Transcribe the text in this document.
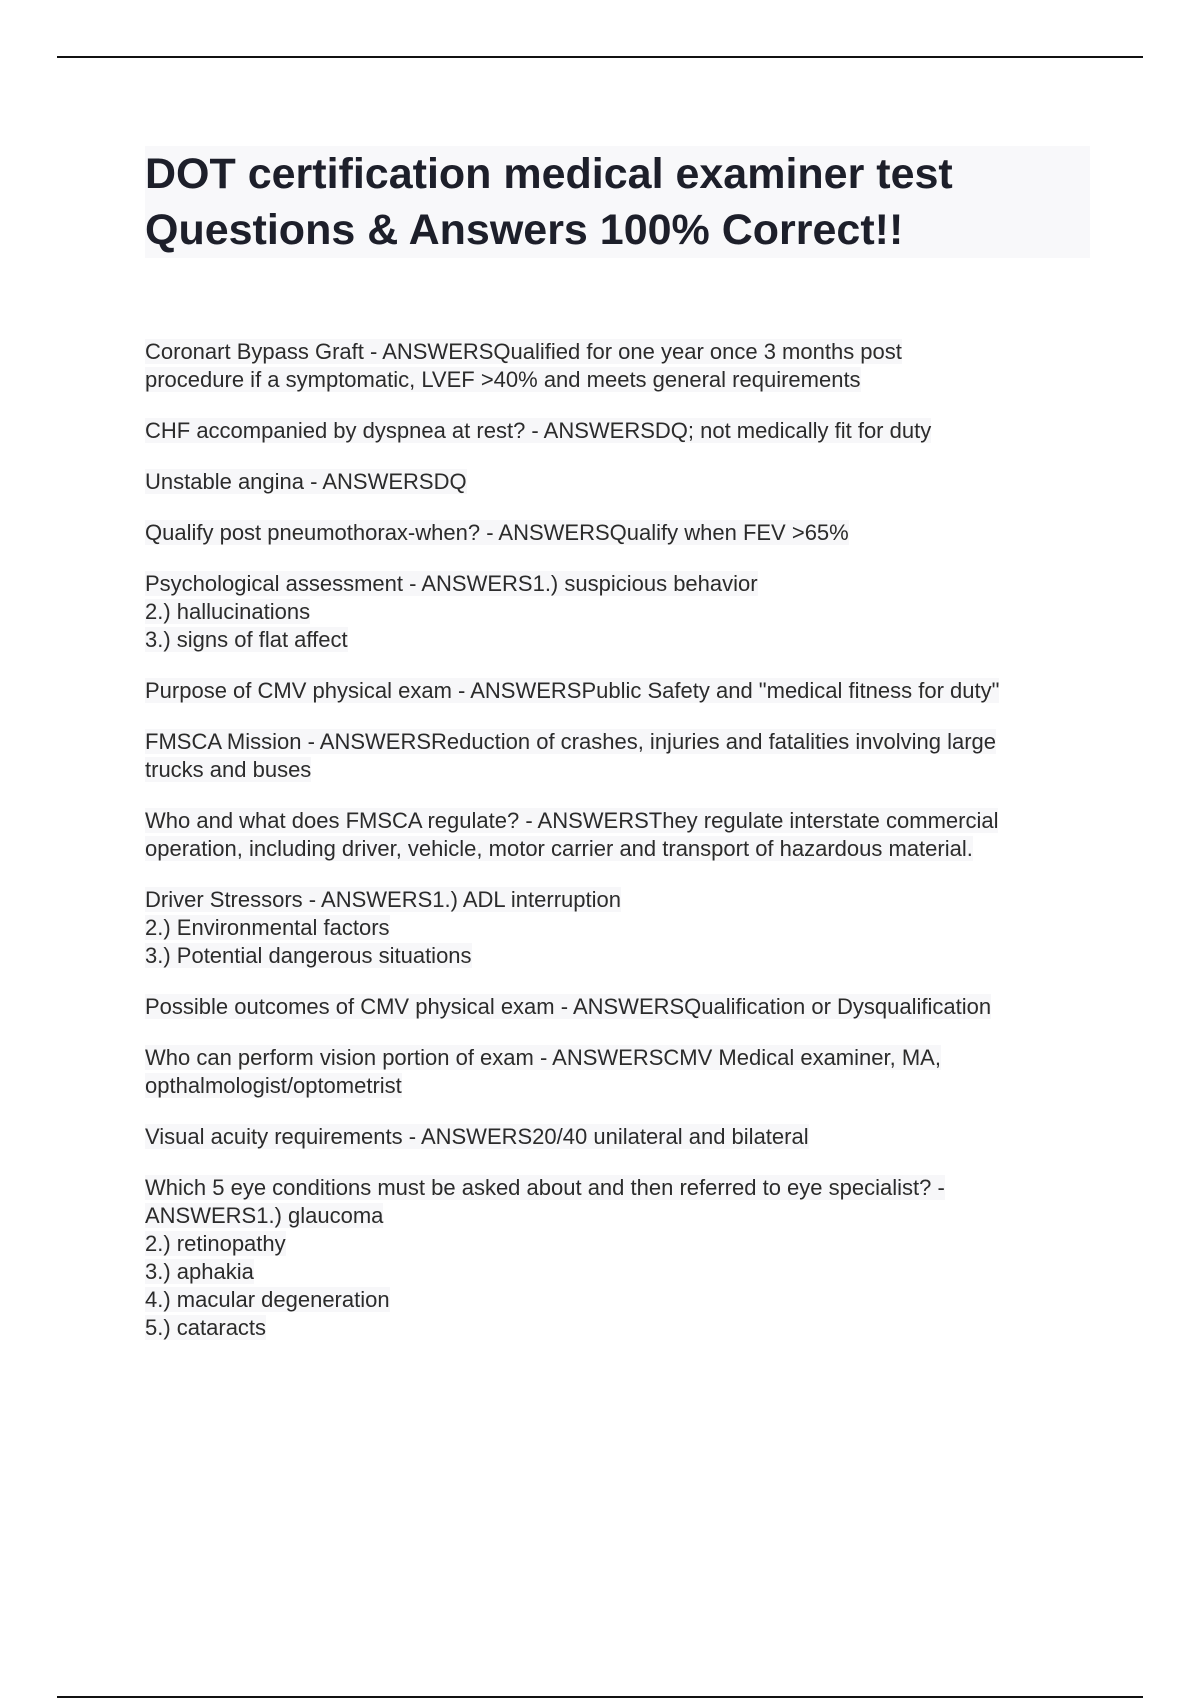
DOT certification medical examiner test
Questions & Answers 100% Correct!!
Coronart Bypass Graft - ANSWERSQualified for one year once 3 months post
procedure if a symptomatic, LVEF >40% and meets general requirements
CHF accompanied by dyspnea at rest? - ANSWERSDQ; not medically fit for duty
Unstable angina - ANSWERSDQ
Qualify post pneumothorax-when? - ANSWERSQualify when FEV >65%
Psychological assessment - ANSWERS1.) suspicious behavior
2.) hallucinations
3.) signs of flat affect
Purpose of CMV physical exam - ANSWERSPublic Safety and "medical fitness for duty"
FMSCA Mission - ANSWERSReduction of crashes, injuries and fatalities involving large
trucks and buses
Who and what does FMSCA regulate? - ANSWERSThey regulate interstate commercial
operation, including driver, vehicle, motor carrier and transport of hazardous material.
Driver Stressors - ANSWERS1.) ADL interruption
2.) Environmental factors
3.) Potential dangerous situations
Possible outcomes of CMV physical exam - ANSWERSQualification or Dysqualification
Who can perform vision portion of exam - ANSWERSCMV Medical examiner, MA,
opthalmologist/optometrist
Visual acuity requirements - ANSWERS20/40 unilateral and bilateral
Which 5 eye conditions must be asked about and then referred to eye specialist? -
ANSWERS1.) glaucoma
2.) retinopathy
3.) aphakia
4.) macular degeneration
5.) cataracts
